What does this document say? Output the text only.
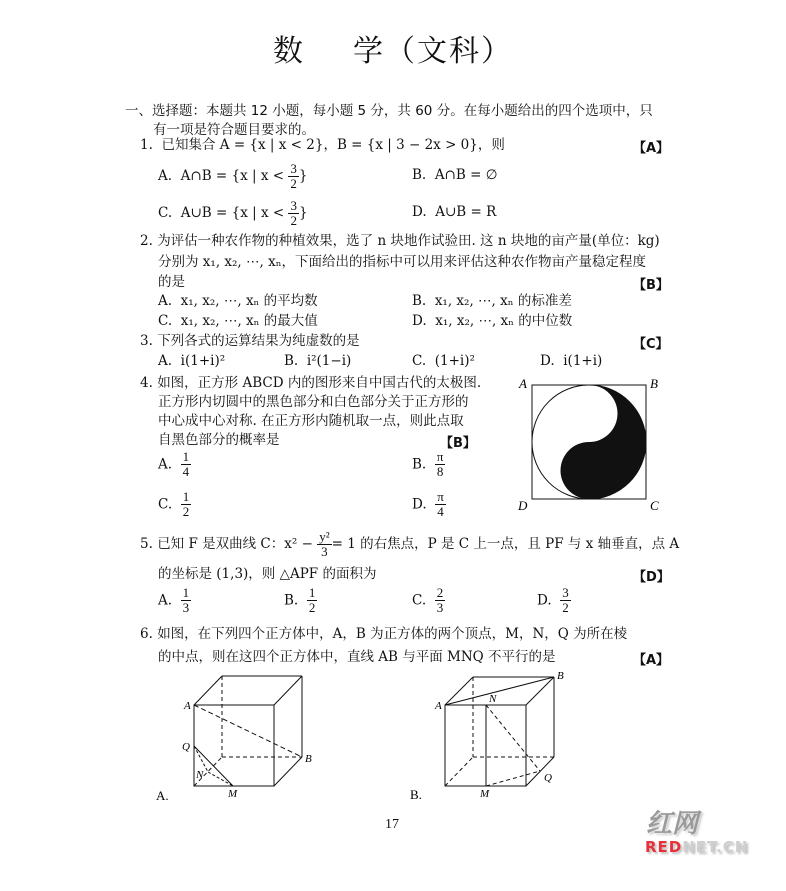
数 学（文科）
一、选择题：本题共 12 小题，每小题 5 分，共 60 分。在每小题给出的四个选项中，只
有一项是符合题目要求的。
1. 已知集合 A = {x | x < 2}，B = {x | 3 − 2x > 0}，则	【A】
A. A∩B = {x | $x < \frac{3}{2}$ }	B. A∩B = ∅
C. A∪B = {x | $x < \frac{3}{2}$ }	D. A∪B = R
2. 为评估一种农作物的种植效果，选了 n 块地作试验田. 这 n 块地的亩产量(单位：kg)
分别为 x₁, x₂, ⋯, xₙ，下面给出的指标中可以用来评估这种农作物亩产量稳定程度
的是	【B】
A. x₁, x₂, ⋯, xₙ 的平均数	B. x₁, x₂, ⋯, xₙ 的标准差
C. x₁, x₂, ⋯, xₙ 的最大值	D. x₁, x₂, ⋯, xₙ 的中位数
3. 下列各式的运算结果为纯虚数的是	【C】
A. i(1+i)²	B. i²(1−i)	C. (1+i)²	D. i(1+i)
4. 如图，正方形 ABCD 内的图形来自中国古代的太极图.
正方形内切圆中的黑色部分和白色部分关于正方形的
中心成中心对称. 在正方形内随机取一点，则此点取
自黑色部分的概率是	【B】
A. $\frac{1}{4}$	B. $\frac{\pi}{8}$
C. $\frac{1}{2}$	D. $\frac{\pi}{4}$
A	B
C
D
5. 已知 F 是双曲线 C：$x^2 - \frac{\text{y²}}{3} = 1$ 的右焦点，P 是 C 上一点，且 PF 与 x 轴垂直，点 A
的坐标是 (1,3)，则 △APF 的面积为	【D】
A. $\frac{1}{3}$	B. $\frac{1}{2}$	C. $\frac{2}{3}$	D. $\frac{3}{2}$
6. 如图，在下列四个正方体中，A，B 为正方体的两个顶点，M，N，Q 为所在棱
的中点，则在这四个正方体中，直线 AB 与平面 MNQ 不平行的是	【A】
A
B
Q
N
M
A.
A
B
N
Q
M
B.
17	红网
REDNET.CN
